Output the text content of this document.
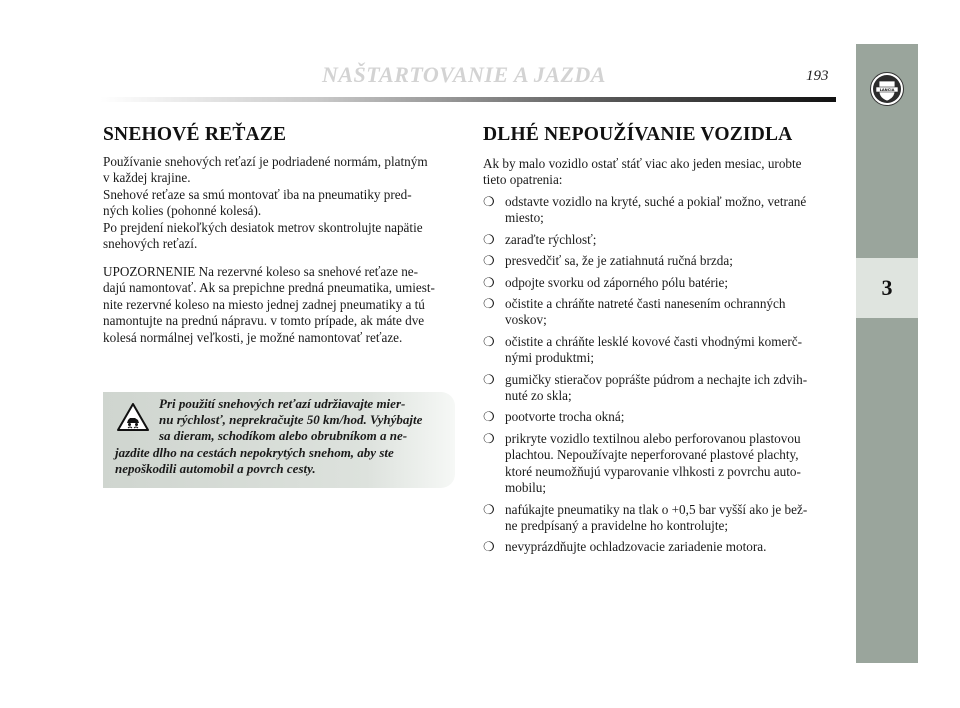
NAŠTARTOVANIE A JAZDA	193
LANCIA
3
SNEHOVÉ REŤAZE

Používanie snehových reťazí je podriadené normám, platným
v každej krajine.
Snehové reťaze sa smú montovať iba na pneumatiky pred-
ných kolies (pohonné kolesá).
Po prejdení niekoľkých desiatok metrov skontrolujte napätie
snehových reťazí.

UPOZORNENIE Na rezervné koleso sa snehové reťaze ne-
dajú namontovať. Ak sa prepichne predná pneumatika, umiest-
nite rezervné koleso na miesto jednej zadnej pneumatiky a tú
namontujte na prednú nápravu. v tomto prípade, ak máte dve
kolesá normálnej veľkosti, je možné namontovať reťaze.

Pri použití snehových reťazí udržiavajte mier-
nu rýchlosť, neprekračujte 50 km/hod. Vyhýbajte
sa dieram, schodíkom alebo obrubníkom a ne-
jazdite dlho na cestách nepokrytých snehom, aby ste
nepoškodili automobil a povrch cesty.

DLHÉ NEPOUŽÍVANIE VOZIDLA

Ak by malo vozidlo ostať stáť viac ako jeden mesiac, urobte
tieto opatrenia:

❍ odstavte vozidlo na kryté, suché a pokiaľ možno, vetrané
miesto;
❍ zaraďte rýchlosť;
❍ presvedčiť sa, že je zatiahnutá ručná brzda;
❍ odpojte svorku od záporného pólu batérie;
❍ očistite a chráňte natreté časti nanesením ochranných
voskov;
❍ očistite a chráňte lesklé kovové časti vhodnými komerč-
nými produktmi;
❍ gumičky stieračov poprášte púdrom a nechajte ich zdvih-
nuté zo skla;
❍ pootvorte trocha okná;
❍ prikryte vozidlo textilnou alebo perforovanou plastovou
plachtou. Nepoužívajte neperforované plastové plachty,
ktoré neumožňujú vyparovanie vlhkosti z povrchu auto-
mobilu;
❍ nafúkajte pneumatiky na tlak o +0,5 bar vyšší ako je bež-
ne predpísaný a pravidelne ho kontrolujte;
❍ nevyprázdňujte ochladzovacie zariadenie motora.
